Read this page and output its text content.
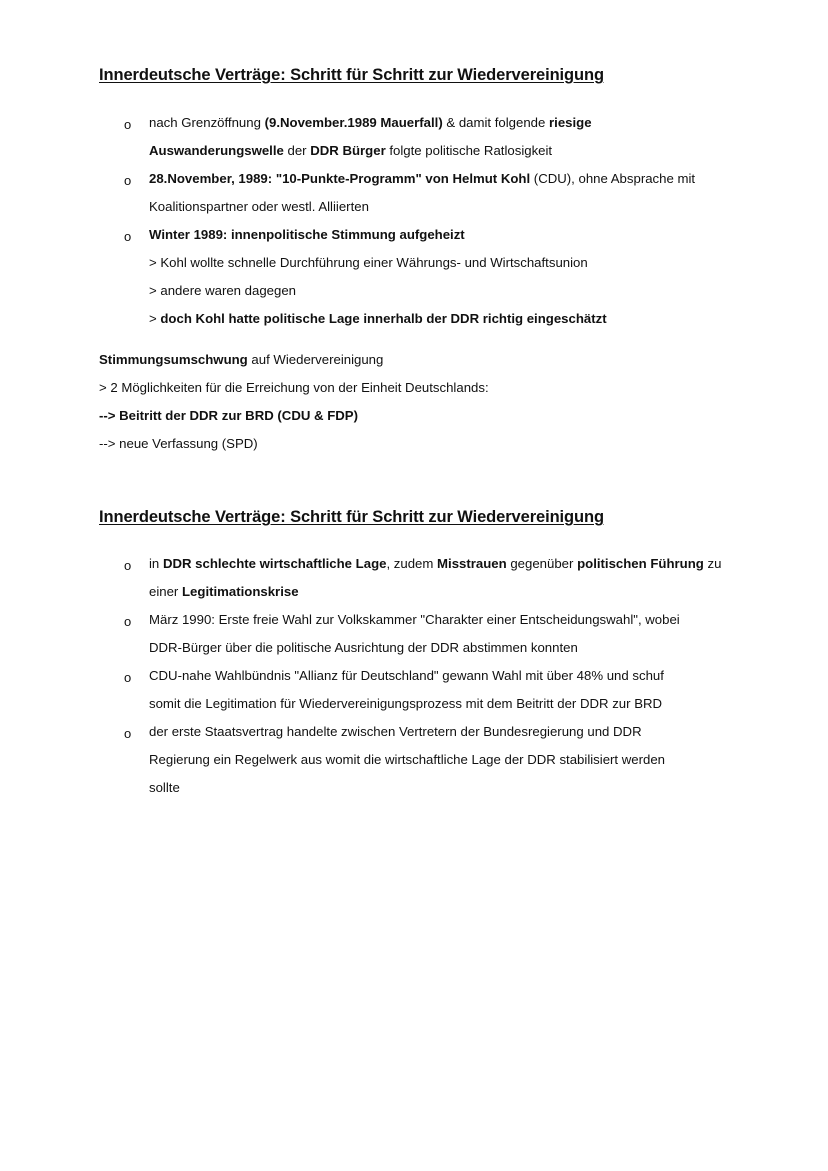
Innerdeutsche Verträge: Schritt für Schritt zur Wiedervereinigung
o nach Grenzöffnung (9.November.1989 Mauerfall) & damit folgende riesige
Auswanderungswelle der DDR Bürger folgte politische Ratlosigkeit
o 28.November, 1989: "10-Punkte-Programm" von Helmut Kohl (CDU), ohne Absprache mit
Koalitionspartner oder westl. Alliierten
o Winter 1989: innenpolitische Stimmung aufgeheizt
> Kohl wollte schnelle Durchführung einer Währungs- und Wirtschaftsunion
> andere waren dagegen
> doch Kohl hatte politische Lage innerhalb der DDR richtig eingeschätzt
Stimmungsumschwung auf Wiedervereinigung
> 2 Möglichkeiten für die Erreichung von der Einheit Deutschlands:
--> Beitritt der DDR zur BRD (CDU & FDP)
--> neue Verfassung (SPD)
Innerdeutsche Verträge: Schritt für Schritt zur Wiedervereinigung
o in DDR schlechte wirtschaftliche Lage, zudem Misstrauen gegenüber politischen Führung zu
einer Legitimationskrise
o März 1990: Erste freie Wahl zur Volkskammer "Charakter einer Entscheidungswahl", wobei
DDR-Bürger über die politische Ausrichtung der DDR abstimmen konnten
o CDU-nahe Wahlbündnis "Allianz für Deutschland" gewann Wahl mit über 48% und schuf
somit die Legitimation für Wiedervereinigungsprozess mit dem Beitritt der DDR zur BRD
o der erste Staatsvertrag handelte zwischen Vertretern der Bundesregierung und DDR
Regierung ein Regelwerk aus womit die wirtschaftliche Lage der DDR stabilisiert werden
sollte
